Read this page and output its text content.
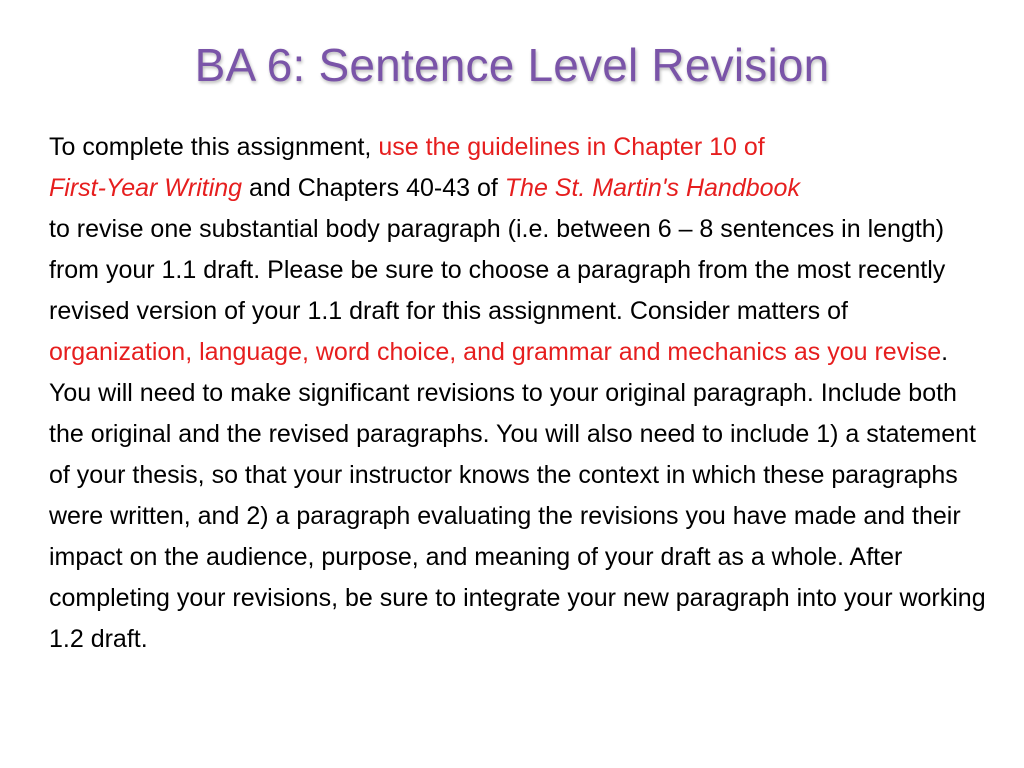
BA 6: Sentence Level Revision

To complete this assignment, use the guidelines in Chapter 10 of
First-Year Writing and Chapters 40-43 of The St. Martin's Handbook
to revise one substantial body paragraph (i.e. between 6 – 8 sentences in length) from your 1.1 draft. Please be sure to choose a paragraph from the most recently revised version of your 1.1 draft for this assignment. Consider matters of organization, language, word choice, and grammar and mechanics as you revise. You will need to make significant revisions to your original paragraph. Include both the original and the revised paragraphs. You will also need to include 1) a statement of your thesis, so that your instructor knows the context in which these paragraphs were written, and 2) a paragraph evaluating the revisions you have made and their impact on the audience, purpose, and meaning of your draft as a whole. After completing your revisions, be sure to integrate your new paragraph into your working 1.2 draft.
